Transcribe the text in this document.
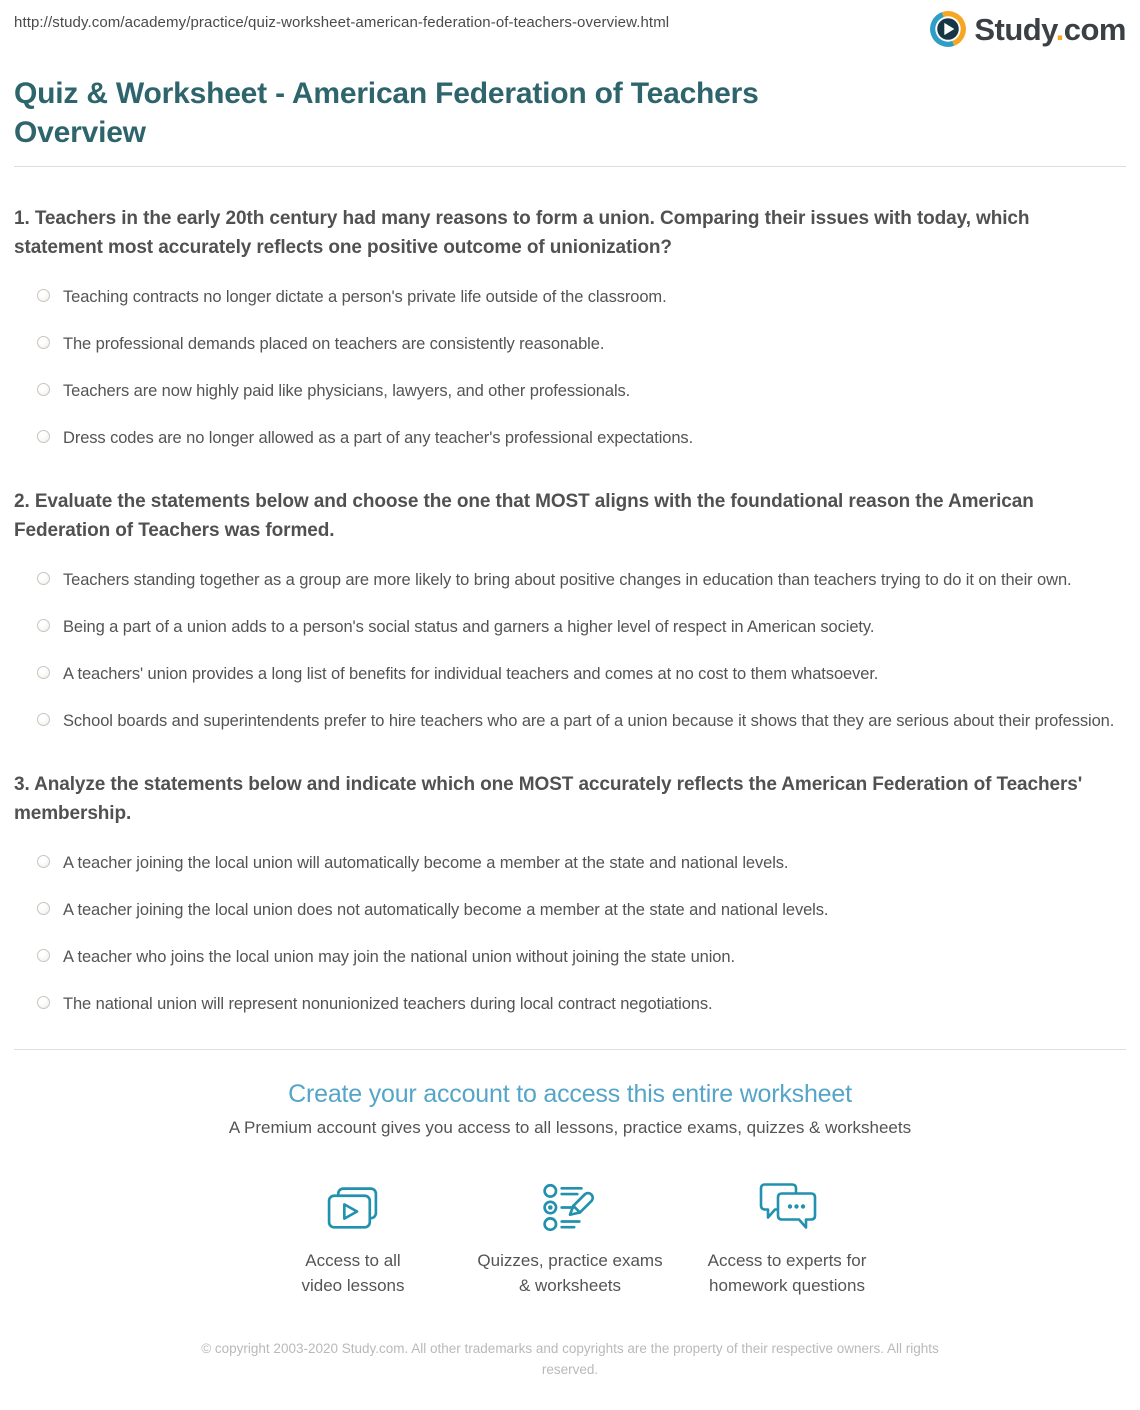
http://study.com/academy/practice/quiz-worksheet-american-federation-of-teachers-overview.html	Study.com
Quiz & Worksheet - American Federation of Teachers Overview
1. Teachers in the early 20th century had many reasons to form a union. Comparing their issues with today, which statement most accurately reflects one positive outcome of unionization?
Teaching contracts no longer dictate a person's private life outside of the classroom.
The professional demands placed on teachers are consistently reasonable.
Teachers are now highly paid like physicians, lawyers, and other professionals.
Dress codes are no longer allowed as a part of any teacher's professional expectations.
2. Evaluate the statements below and choose the one that MOST aligns with the foundational reason the American Federation of Teachers was formed.
Teachers standing together as a group are more likely to bring about positive changes in education than teachers trying to do it on their own.
Being a part of a union adds to a person's social status and garners a higher level of respect in American society.
A teachers' union provides a long list of benefits for individual teachers and comes at no cost to them whatsoever.
School boards and superintendents prefer to hire teachers who are a part of a union because it shows that they are serious about their profession.
3. Analyze the statements below and indicate which one MOST accurately reflects the American Federation of Teachers' membership.
A teacher joining the local union will automatically become a member at the state and national levels.
A teacher joining the local union does not automatically become a member at the state and national levels.
A teacher who joins the local union may join the national union without joining the state union.
The national union will represent nonunionized teachers during local contract negotiations.
Create your account to access this entire worksheet
A Premium account gives you access to all lessons, practice exams, quizzes & worksheets
Access to all
video lessons
Quizzes, practice exams
& worksheets
Access to experts for
homework questions
© copyright 2003-2020 Study.com. All other trademarks and copyrights are the property of their respective owners. All rights reserved.
